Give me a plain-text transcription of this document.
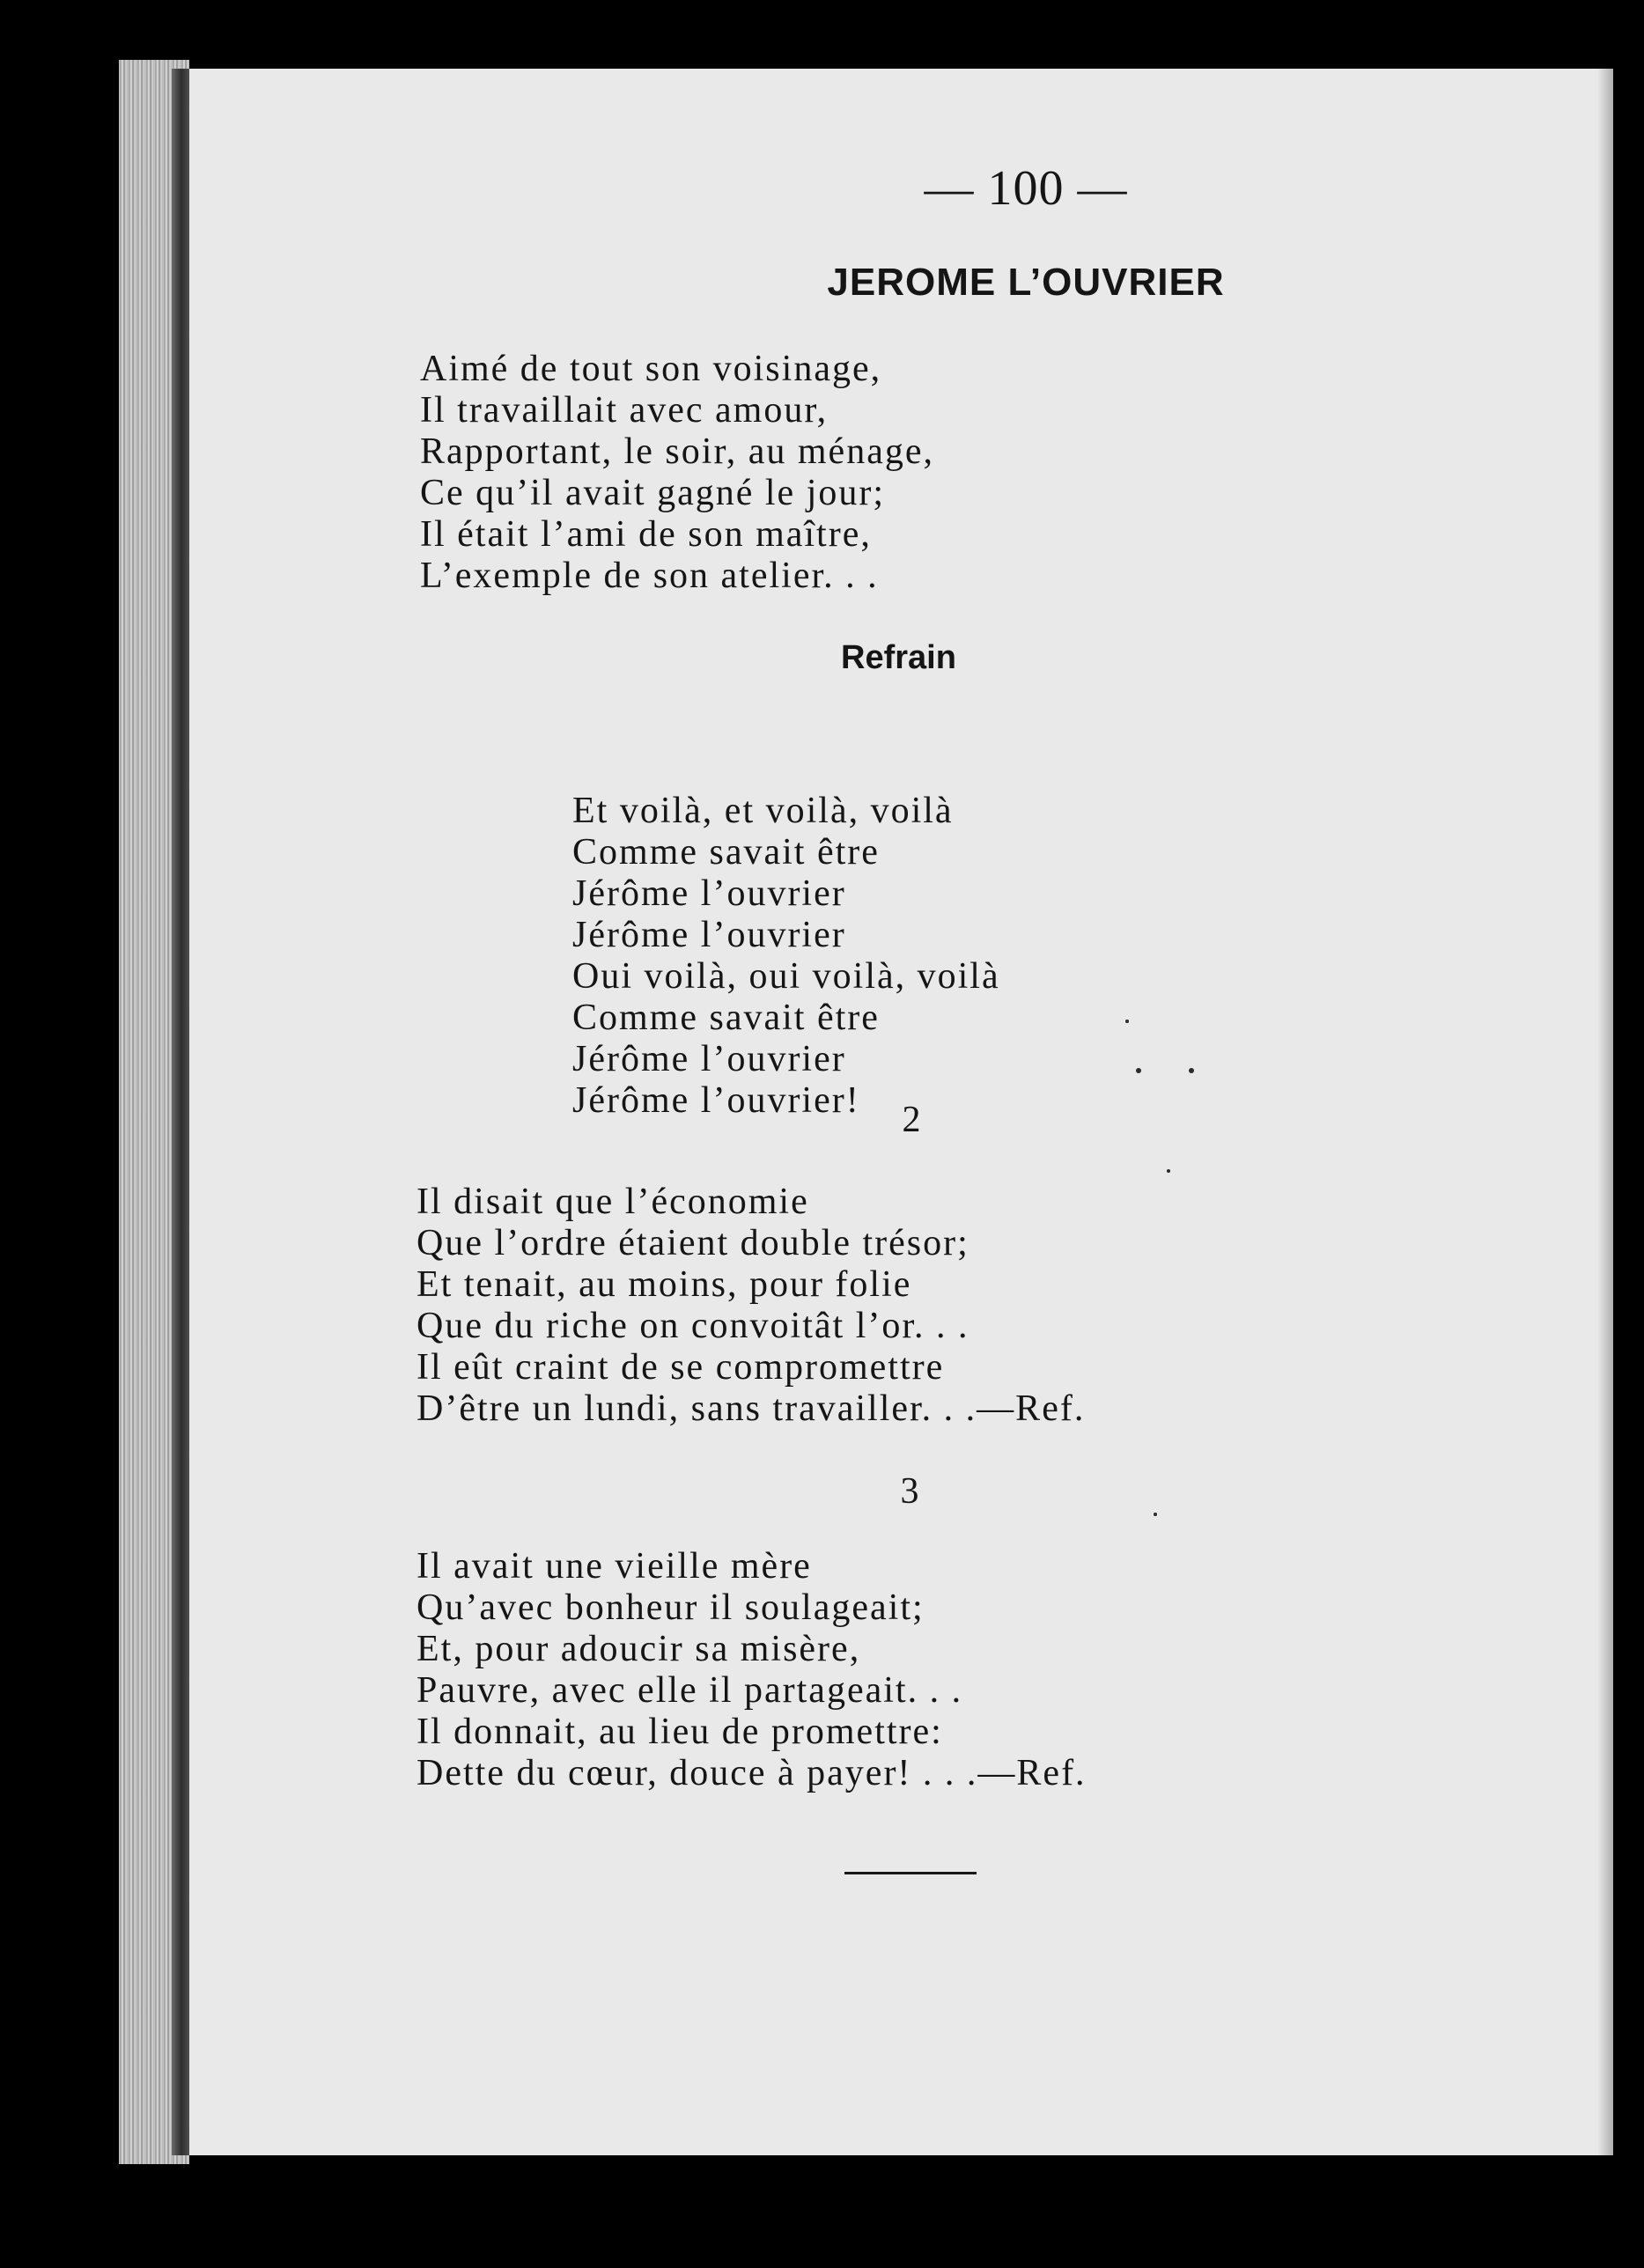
— 100 —
JEROME L’OUVRIER
Aimé de tout son voisinage,
Il travaillait avec amour,
Rapportant, le soir, au ménage,
Ce qu’il avait gagné le jour;
Il était l’ami de son maître,
L’exemple de son atelier. . .
Refrain
Et voilà, et voilà, voilà
Comme savait être
Jérôme l’ouvrier
Jérôme l’ouvrier
Oui voilà, oui voilà, voilà
Comme savait être
Jérôme l’ouvrier
Jérôme l’ouvrier!	2
Il disait que l’économie
Que l’ordre étaient double trésor;
Et tenait, au moins, pour folie
Que du riche on convoitât l’or. . .
Il eût craint de se compromettre
D’être un lundi, sans travailler. . .—Ref.
3
Il avait une vieille mère
Qu’avec bonheur il soulageait;
Et, pour adoucir sa misère,
Pauvre, avec elle il partageait. . .
Il donnait, au lieu de promettre:
Dette du cœur, douce à payer! . . .—Ref.
